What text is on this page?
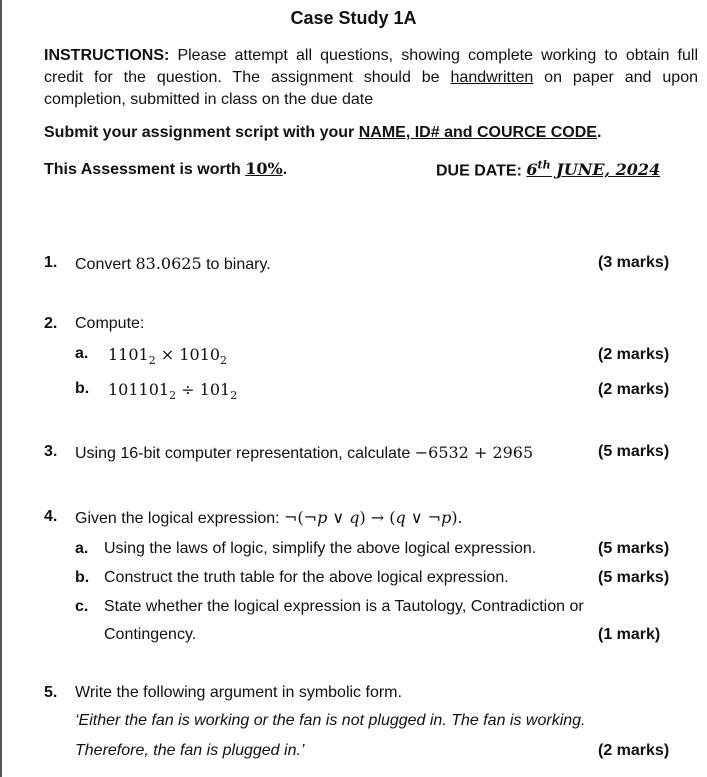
Case Study 1A
INSTRUCTIONS: Please attempt all questions, showing complete working to obtain full credit for the question. The assignment should be handwritten on paper and upon completion, submitted in class on the due date
Submit your assignment script with your NAME, ID# and COURCE CODE.
This Assessment is worth 10%.	DUE DATE: 6th JUNE, 2024
1. Convert 83.0625 to binary.	(3 marks)
2. Compute:
a. $1101_2 \times 1010_2$	(2 marks)
b. $101101_2 \div 101_2$	(2 marks)
3. Using 16-bit computer representation, calculate −6532 + 2965	(5 marks)
4. Given the logical expression: ¬(¬p ∨ q) → (q ∨ ¬p).
a. Using the laws of logic, simplify the above logical expression.	(5 marks)
b. Construct the truth table for the above logical expression.	(5 marks)
c. State whether the logical expression is a Tautology, Contradiction or
Contingency.	(1 mark)
5. Write the following argument in symbolic form.
‘Either the fan is working or the fan is not plugged in. The fan is working.
Therefore, the fan is plugged in.’	(2 marks)
